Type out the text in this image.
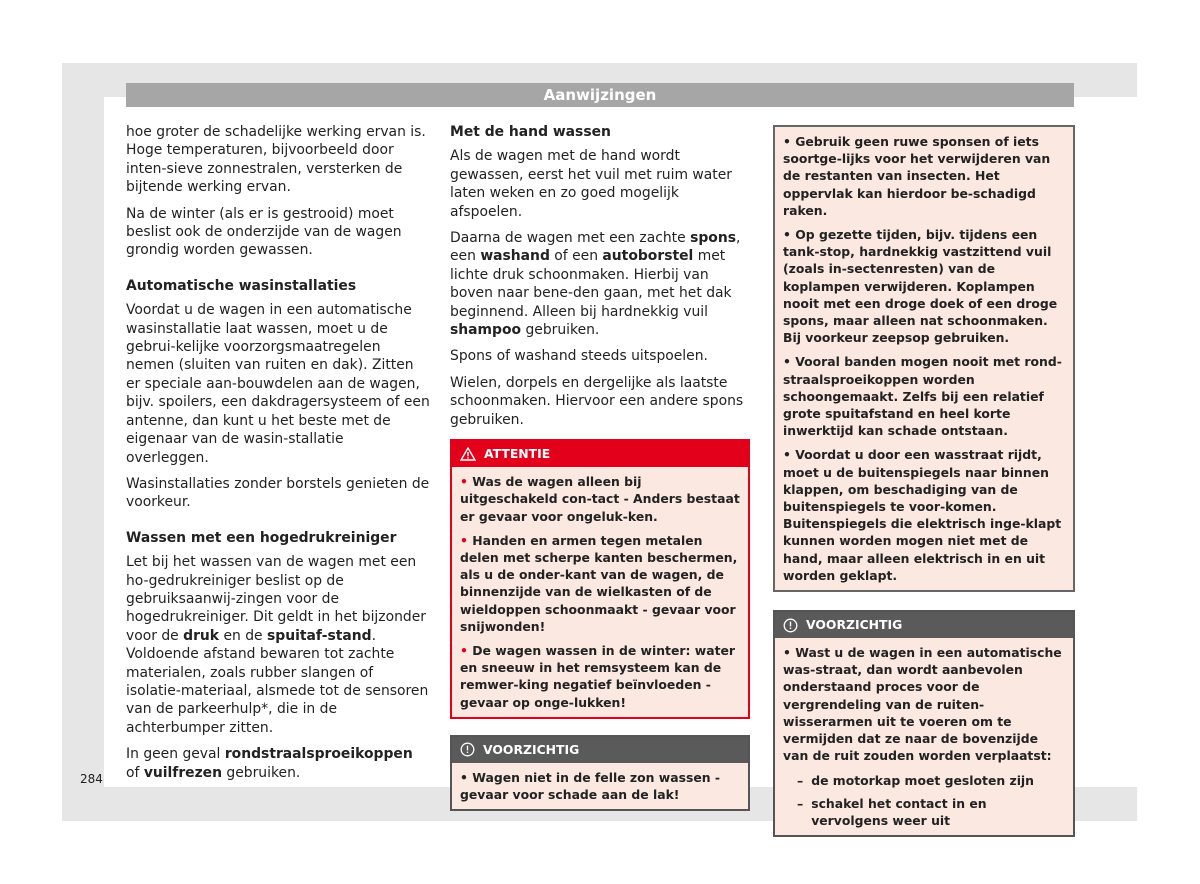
Aanwijzingen

hoe groter de schadelijke werking ervan is. Hoge temperaturen, bijvoorbeeld door inten-sieve zonnestralen, versterken de bijtende werking ervan.

Na de winter (als er is gestrooid) moet beslist ook de onderzijde van de wagen grondig worden gewassen.

Automatische wasinstallaties

Voordat u de wagen in een automatische wasinstallatie laat wassen, moet u de gebrui-kelijke voorzorgsmaatregelen nemen (sluiten van ruiten en dak). Zitten er speciale aan-bouwdelen aan de wagen, bijv. spoilers, een dakdragersysteem of een antenne, dan kunt u het beste met de eigenaar van de wasin-stallatie overleggen.

Wasinstallaties zonder borstels genieten de voorkeur.

Wassen met een hogedrukreiniger

Let bij het wassen van de wagen met een ho-gedrukreiniger beslist op de gebruiksaanwij-zingen voor de hogedrukreiniger. Dit geldt in het bijzonder voor de druk en de spuitaf-stand. Voldoende afstand bewaren tot zachte materialen, zoals rubber slangen of isolatie-materiaal, alsmede tot de sensoren van de parkeerhulp*, die in de achterbumper zitten.

In geen geval rondstraalsproeikoppen of vuilfrezen gebruiken.

Met de hand wassen

Als de wagen met de hand wordt gewassen, eerst het vuil met ruim water laten weken en zo goed mogelijk afspoelen.

Daarna de wagen met een zachte spons, een washand of een autoborstel met lichte druk schoonmaken. Hierbij van boven naar bene-den gaan, met het dak beginnend. Alleen bij hardnekkig vuil shampoo gebruiken.

Spons of washand steeds uitspoelen.

Wielen, dorpels en dergelijke als laatste schoonmaken. Hiervoor een andere spons gebruiken.

ATTENTIE
• Was de wagen alleen bij uitgeschakeld con-tact - Anders bestaat er gevaar voor ongeluk-ken.
• Handen en armen tegen metalen delen met scherpe kanten beschermen, als u de onder-kant van de wagen, de binnenzijde van de wielkasten of de wieldoppen schoonmaakt - gevaar voor snijwonden!
• De wagen wassen in de winter: water en sneeuw in het remsysteem kan de remwer-king negatief beïnvloeden - gevaar op onge-lukken!
VOORZICHTIG
• Wagen niet in de felle zon wassen - gevaar voor schade aan de lak!
• Gebruik geen ruwe sponsen of iets soortge-lijks voor het verwijderen van de restanten van insecten. Het oppervlak kan hierdoor be-schadigd raken.
• Op gezette tijden, bijv. tijdens een tank-stop, hardnekkig vastzittend vuil (zoals in-sectenresten) van de koplampen verwijderen. Koplampen nooit met een droge doek of een droge spons, maar alleen nat schoonmaken. Bij voorkeur zeepsop gebruiken.
• Vooral banden mogen nooit met rond-straalsproeikoppen worden schoongemaakt. Zelfs bij een relatief grote spuitafstand en heel korte inwerktijd kan schade ontstaan.
• Voordat u door een wasstraat rijdt, moet u de buitenspiegels naar binnen klappen, om beschadiging van de buitenspiegels te voor-komen. Buitenspiegels die elektrisch inge-klapt kunnen worden mogen niet met de hand, maar alleen elektrisch in en uit worden geklapt.
VOORZICHTIG
• Wast u de wagen in een automatische was-straat, dan wordt aanbevolen onderstaand proces voor de vergrendeling van de ruiten-wisserarmen uit te voeren om te vermijden dat ze naar de bovenzijde van de ruit zouden worden verplaatst:
– de motorkap moet gesloten zijn
– schakel het contact in en vervolgens weer uit
284
